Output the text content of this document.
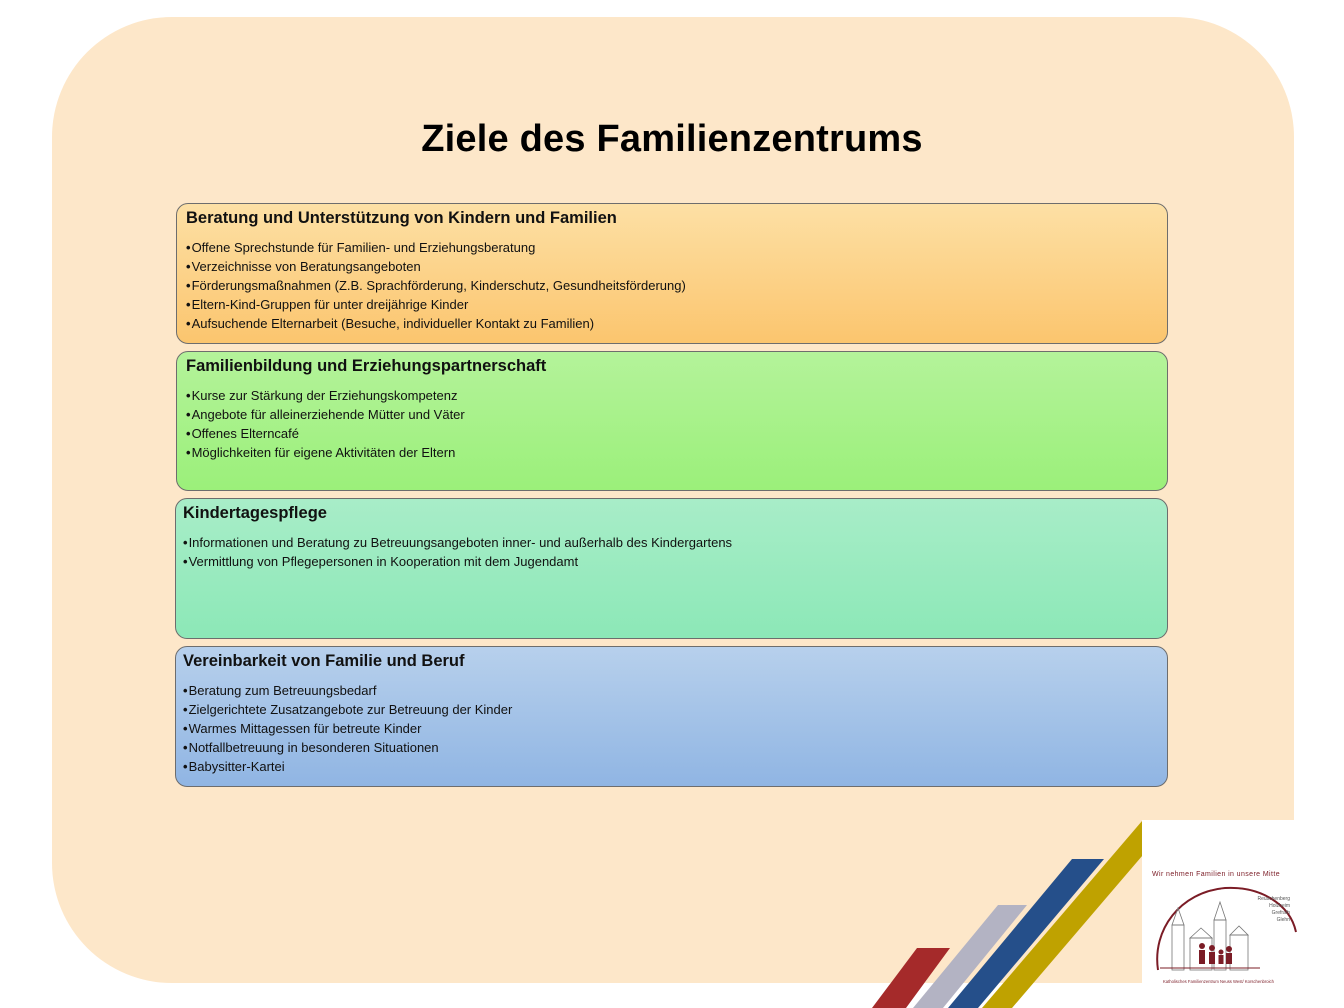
Ziele des Familienzentrums
Beratung und Unterstützung von Kindern und Familien
• Offene Sprechstunde für Familien- und Erziehungsberatung
• Verzeichnisse von Beratungsangeboten
• Förderungsmaßnahmen (Z.B. Sprachförderung, Kinderschutz, Gesundheitsförderung)
• Eltern-Kind-Gruppen für unter dreijährige Kinder
• Aufsuchende Elternarbeit (Besuche, individueller Kontakt zu Familien)
Familienbildung und Erziehungspartnerschaft
• Kurse zur Stärkung der Erziehungskompetenz
• Angebote für alleinerziehende Mütter und Väter
• Offenes Elterncafé
• Möglichkeiten für eigene Aktivitäten der Eltern
Kindertagespflege
• Informationen und Beratung zu Betreuungsangeboten inner- und außerhalb des Kindergartens
• Vermittlung von Pflegepersonen in Kooperation mit dem Jugendamt
Vereinbarkeit von Familie und Beruf
• Beratung zum Betreuungsbedarf
• Zielgerichtete Zusatzangebote zur Betreuung der Kinder
• Warmes Mittagessen für betreute Kinder
• Notfallbetreuung in besonderen Situationen
• Babysitter-Kartei
Wir nehmen Familien in unsere Mitte
Reuschenberg
Holzheim
Grefrath
Glehn
Katholisches Familienzentrum Neuss West/ Korschenbroich
